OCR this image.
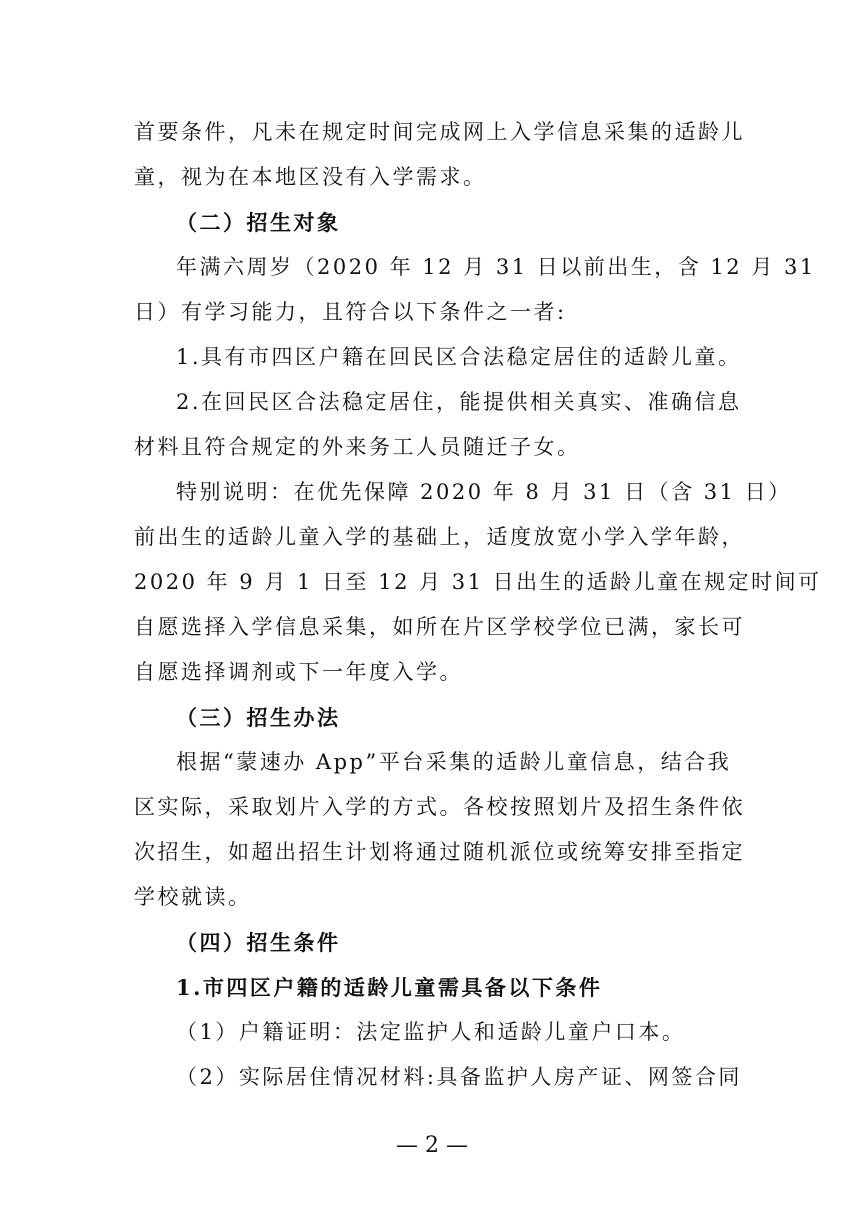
首要条件，凡未在规定时间完成网上入学信息采集的适龄儿

童，视为在本地区没有入学需求。

（二）招生对象

年满六周岁（2020 年 12 月 31 日以前出生，含 12 月 31

日）有学习能力，且符合以下条件之一者:

1.具有市四区户籍在回民区合法稳定居住的适龄儿童。

2.在回民区合法稳定居住，能提供相关真实、准确信息

材料且符合规定的外来务工人员随迁子女。

特别说明：在优先保障 2020 年 8 月 31 日（含 31 日）

前出生的适龄儿童入学的基础上，适度放宽小学入学年龄，

2020 年 9 月 1 日至 12 月 31 日出生的适龄儿童在规定时间可

自愿选择入学信息采集，如所在片区学校学位已满，家长可

自愿选择调剂或下一年度入学。

（三）招生办法

根据“蒙速办 App”平台采集的适龄儿童信息，结合我

区实际，采取划片入学的方式。各校按照划片及招生条件依

次招生，如超出招生计划将通过随机派位或统筹安排至指定

学校就读。

（四）招生条件

1.市四区户籍的适龄儿童需具备以下条件

（1）户籍证明：法定监护人和适龄儿童户口本。

（2）实际居住情况材料:具备监护人房产证、网签合同

— 2 —
